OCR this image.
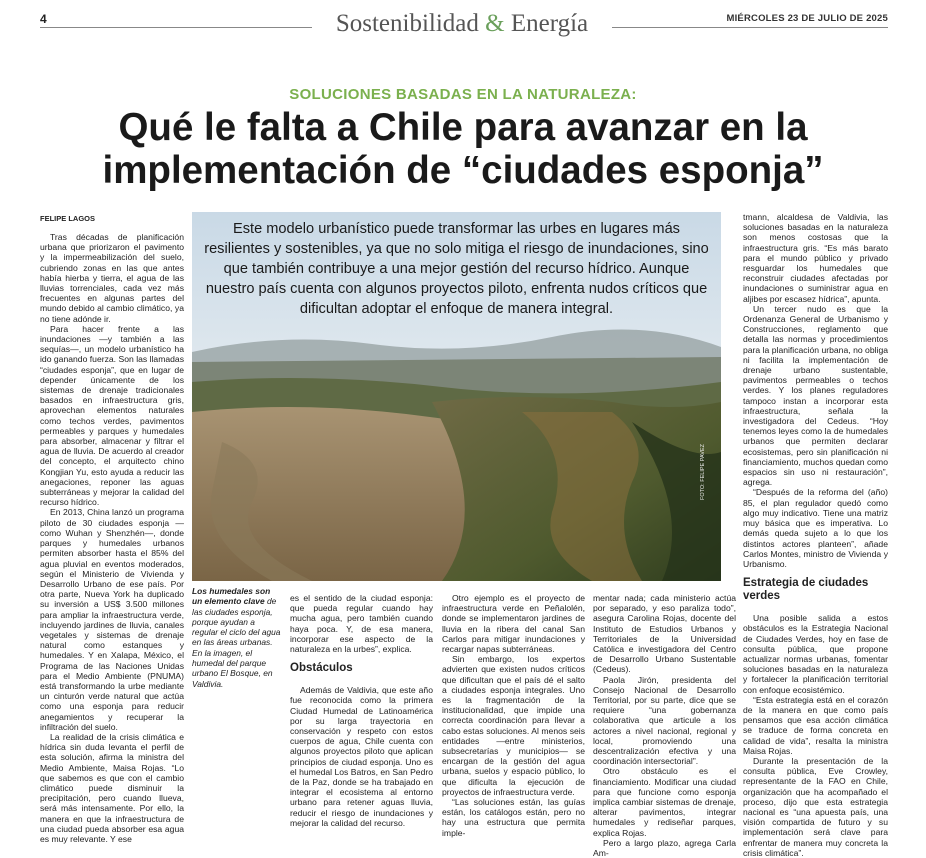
4	Sostenibilidad & Energía	MIÉRCOLES 23 DE JULIO DE 2025
SOLUCIONES BASADAS EN LA NATURALEZA:
Qué le falta a Chile para avanzar en la implementación de “ciudades esponja”
FELIPE LAGOS

Tras décadas de planificación urbana que priorizaron el pavimento y la impermeabilización del suelo, cubriendo zonas en las que antes había hierba y tierra, el agua de las lluvias torrenciales, cada vez más frecuentes en algunas partes del mundo debido al cambio climático, ya no tiene adónde ir.

Para hacer frente a las inundaciones —y también a las sequías—, un modelo urbanístico ha ido ganando fuerza. Son las llamadas “ciudades esponja”, que en lugar de depender únicamente de los sistemas de drenaje tradicionales basados en infraestructura gris, aprovechan elementos naturales como techos verdes, pavimentos permeables y parques y humedales para absorber, almacenar y filtrar el agua de lluvia. De acuerdo al creador del concepto, el arquitecto chino Kongjian Yu, esto ayuda a reducir las anegaciones, reponer las aguas subterráneas y mejorar la calidad del recurso hídrico.

En 2013, China lanzó un programa piloto de 30 ciudades esponja —como Wuhan y Shenzhén—, donde parques y humedales urbanos permiten absorber hasta el 85% del agua pluvial en eventos moderados, según el Ministerio de Vivienda y Desarrollo Urbano de ese país. Por otra parte, Nueva York ha duplicado su inversión a US$ 3.500 millones para ampliar la infraestructura verde, incluyendo jardines de lluvia, canales vegetales y sistemas de drenaje natural como estanques y humedales. Y en Xalapa, México, el Programa de las Naciones Unidas para el Medio Ambiente (PNUMA) está transformando la urbe mediante un cinturón verde natural que actúa como una esponja para reducir anegamientos y recuperar la infiltración del suelo.

La realidad de la crisis climática e hídrica sin duda levanta el perfil de esta solución, afirma la ministra del Medio Ambiente, Maisa Rojas. “Lo que sabemos es que con el cambio climático puede disminuir la precipitación, pero cuando llueva, será más intensamente. Por ello, la manera en que la infraestructura de una ciudad pueda absorber esa agua es muy relevante. Y ese

Este modelo urbanístico puede transformar las urbes en lugares más resilientes y sostenibles, ya que no solo mitiga el riesgo de inundaciones, sino que también contribuye a una mejor gestión del recurso hídrico. Aunque nuestro país cuenta con algunos proyectos piloto, enfrenta nudos críticos que dificultan adoptar el enfoque de manera integral.
FOTO: FELIPE PAVEZ
Los humedales son un elemento clave de las ciudades esponja, porque ayudan a regular el ciclo del agua en las áreas urbanas. En la imagen, el humedal del parque urbano El Bosque, en Valdivia.

es el sentido de la ciudad esponja: que pueda regular cuando hay mucha agua, pero también cuando haya poca. Y, de esa manera, incorporar ese aspecto de la naturaleza en la urbes”, explica.

Obstáculos

Además de Valdivia, que este año fue reconocida como la primera Ciudad Humedal de Latinoamérica por su larga trayectoria en conservación y respeto con estos cuerpos de agua, Chile cuenta con algunos proyectos piloto que aplican principios de ciudad esponja. Uno es el humedal Los Batros, en San Pedro de la Paz, donde se ha trabajado en integrar el ecosistema al entorno urbano para retener aguas lluvia, reducir el riesgo de inundaciones y mejorar la calidad del recurso.

Otro ejemplo es el proyecto de infraestructura verde en Peñalolén, donde se implementaron jardines de lluvia en la ribera del canal San Carlos para mitigar inundaciones y recargar napas subterráneas.

Sin embargo, los expertos advierten que existen nudos críticos que dificultan que el país dé el salto a ciudades esponja integrales. Uno es la fragmentación de la institucionalidad, que impide una correcta coordinación para llevar a cabo estas soluciones. Al menos seis entidades —entre ministerios, subsecretarías y municipios— se encargan de la gestión del agua urbana, suelos y espacio público, lo que dificulta la ejecución de proyectos de infraestructura verde.

“Las soluciones están, las guías están, los catálogos están, pero no hay una estructura que permita imple-

mentar nada; cada ministerio actúa por separado, y eso paraliza todo”, asegura Carolina Rojas, docente del Instituto de Estudios Urbanos y Territoriales de la Universidad Católica e investigadora del Centro de Desarrollo Urbano Sustentable (Cedeus).

Paola Jirón, presidenta del Consejo Nacional de Desarrollo Territorial, por su parte, dice que se requiere “una gobernanza colaborativa que articule a los actores a nivel nacional, regional y local, promoviendo una descentralización efectiva y una coordinación intersectorial”.

Otro obstáculo es el financiamiento. Modificar una ciudad para que funcione como esponja implica cambiar sistemas de drenaje, alterar pavimentos, integrar humedales y rediseñar parques, explica Rojas.

Pero a largo plazo, agrega Carla Am-

tmann, alcaldesa de Valdivia, las soluciones basadas en la naturaleza son menos costosas que la infraestructura gris. “Es más barato para el mundo público y privado resguardar los humedales que reconstruir ciudades afectadas por inundaciones o suministrar agua en aljibes por escasez hídrica”, apunta.

Un tercer nudo es que la Ordenanza General de Urbanismo y Construcciones, reglamento que detalla las normas y procedimientos para la planificación urbana, no obliga ni facilita la implementación de drenaje urbano sustentable, pavimentos permeables o techos verdes. Y los planes reguladores tampoco instan a incorporar esta infraestructura, señala la investigadora del Cedeus. “Hoy tenemos leyes como la de humedales urbanos que permiten declarar ecosistemas, pero sin planificación ni financiamiento, muchos quedan como espacios sin uso ni restauración”, agrega.

“Después de la reforma del (año) 85, el plan regulador quedó como algo muy indicativo. Tiene una matriz muy básica que es imperativa. Lo demás queda sujeto a lo que los distintos actores planteen”, añade Carlos Montes, ministro de Vivienda y Urbanismo.

Estrategia de ciudades verdes

Una posible salida a estos obstáculos es la Estrategia Nacional de Ciudades Verdes, hoy en fase de consulta pública, que propone actualizar normas urbanas, fomentar soluciones basadas en la naturaleza y fortalecer la planificación territorial con enfoque ecosistémico.

“Esta estrategia está en el corazón de la manera en que como país pensamos que esa acción climática se traduce de forma concreta en calidad de vida”, resalta la ministra Maisa Rojas.

Durante la presentación de la consulta pública, Eve Crowley, representante de la FAO en Chile, organización que ha acompañado el proceso, dijo que esta estrategia nacional es “una apuesta país, una visión compartida de futuro y su implementación será clave para enfrentar de manera muy concreta la crisis climática”.
